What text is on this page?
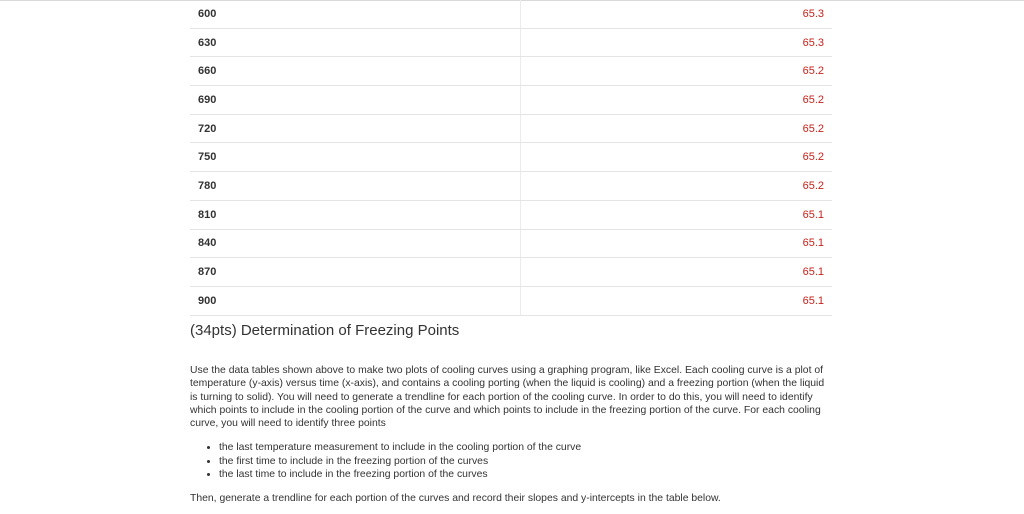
600	65.3
630	65.3
660	65.2
690	65.2
720	65.2
750	65.2
780	65.2
810	65.1
840	65.1
870	65.1
900	65.1
(34pts) Determination of Freezing Points

Use the data tables shown above to make two plots of cooling curves using a graphing program, like Excel. Each cooling curve is a plot of temperature (y-axis) versus time (x-axis), and contains a cooling porting (when the liquid is cooling) and a freezing portion (when the liquid is turning to solid). You will need to generate a trendline for each portion of the cooling curve. In order to do this, you will need to identify which points to include in the cooling portion of the curve and which points to include in the freezing portion of the curve. For each cooling curve, you will need to identify three points

• the last temperature measurement to include in the cooling portion of the curve
• the first time to include in the freezing portion of the curves
• the last time to include in the freezing portion of the curves

Then, generate a trendline for each portion of the curves and record their slopes and y-intercepts in the table below.
